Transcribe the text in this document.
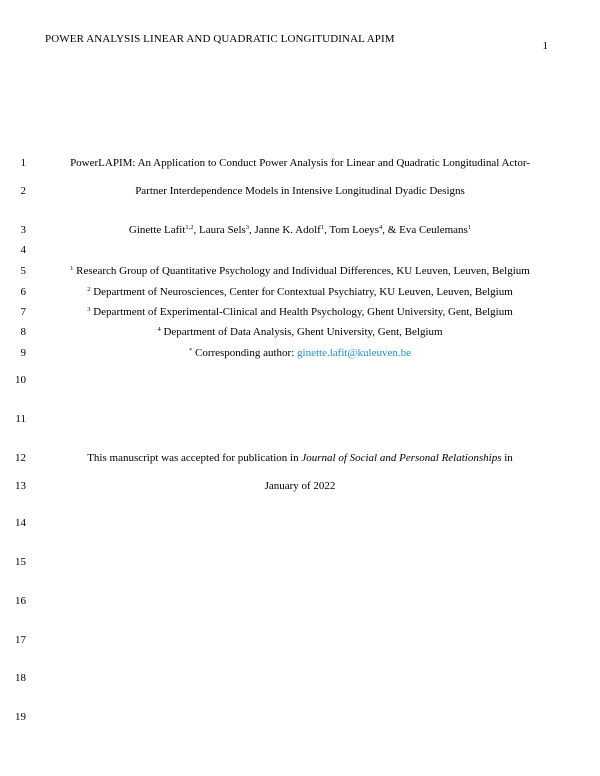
POWER ANALYSIS LINEAR AND QUADRATIC LONGITUDINAL APIM
1
1
2
3
4
5
6
7
8
9
10
11
12
13
14
15
16
17
18
19
PowerLAPIM: An Application to Conduct Power Analysis for Linear and Quadratic Longitudinal Actor-
Partner Interdependence Models in Intensive Longitudinal Dyadic Designs
Ginette Lafit$^{1,2}$, Laura Sels$^3$, Janne K. Adolf$^1$, Tom Loeys$^4$, & Eva Ceulemans$^1$
$^1$ Research Group of Quantitative Psychology and Individual Differences, KU Leuven, Leuven, Belgium
$^2$ Department of Neurosciences, Center for Contextual Psychiatry, KU Leuven, Leuven, Belgium
$^3$ Department of Experimental-Clinical and Health Psychology, Ghent University, Gent, Belgium
$^4$ Department of Data Analysis, Ghent University, Gent, Belgium
* Corresponding author: ginette.lafit@kuleuven.be
This manuscript was accepted for publication in Journal of Social and Personal Relationships in
January of 2022
